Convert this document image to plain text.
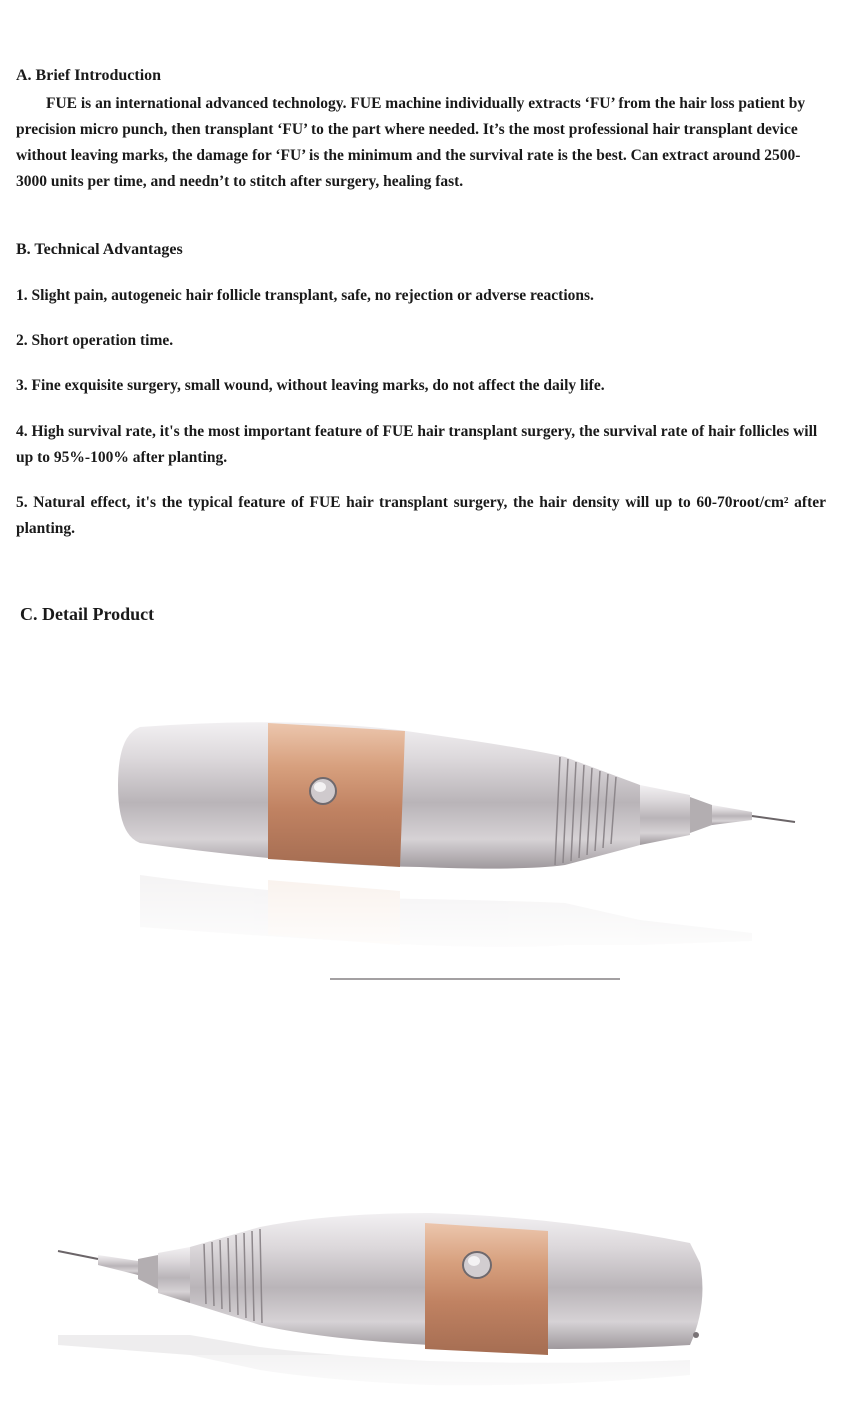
A. Brief Introduction
FUE is an international advanced technology. FUE machine individually extracts ‘FU’ from the hair loss patient by precision micro punch, then transplant ‘FU’ to the part where needed. It’s the most professional hair transplant device without leaving marks, the damage for ‘FU’ is the minimum and the survival rate is the best. Can extract around 2500-3000 units per time, and needn’t to stitch after surgery, healing fast.
B. Technical Advantages
1. Slight pain, autogeneic hair follicle transplant, safe, no rejection or adverse reactions.
2. Short operation time.
3. Fine exquisite surgery, small wound, without leaving marks, do not affect the daily life.
4. High survival rate, it's the most important feature of FUE hair transplant surgery, the survival rate of hair follicles will up to 95%-100% after planting.
5. Natural effect, it's the typical feature of FUE hair transplant surgery, the hair density will up to 60-70root/cm² after planting.
C. Detail Product
